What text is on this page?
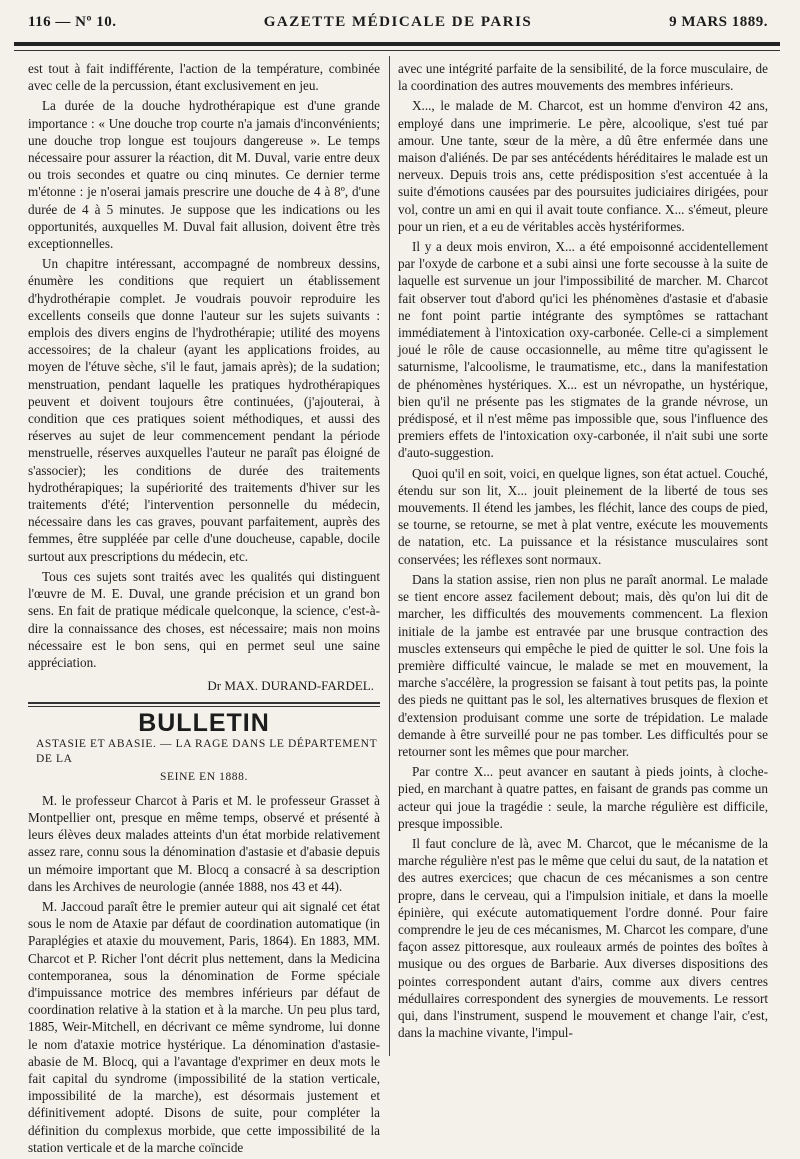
116 — Nº 10.	GAZETTE MÉDICALE DE PARIS	9 MARS 1889.

est tout à fait indifférente, l'action de la température, combinée avec celle de la percussion, étant exclusivement en jeu.

La durée de la douche hydrothérapique est d'une grande importance : « Une douche trop courte n'a jamais d'inconvénients; une douche trop longue est toujours dangereuse ». Le temps nécessaire pour assurer la réaction, dit M. Duval, varie entre deux ou trois secondes et quatre ou cinq minutes. Ce dernier terme m'étonne : je n'oserai jamais prescrire une douche de 4 à 8º, d'une durée de 4 à 5 minutes. Je suppose que les indications ou les opportunités, auxquelles M. Duval fait allusion, doivent être très exceptionnelles.

Un chapitre intéressant, accompagné de nombreux dessins, énumère les conditions que requiert un établissement d'hydrothérapie complet. Je voudrais pouvoir reproduire les excellents conseils que donne l'auteur sur les sujets suivants : emplois des divers engins de l'hydrothérapie; utilité des moyens accessoires; de la chaleur (ayant les applications froides, au moyen de l'étuve sèche, s'il le faut, jamais après); de la sudation; menstruation, pendant laquelle les pratiques hydrothérapiques peuvent et doivent toujours être continuées, (j'ajouterai, à condition que ces pratiques soient méthodiques, et aussi des réserves au sujet de leur commencement pendant la période menstruelle, réserves auxquelles l'auteur ne paraît pas éloigné de s'associer); les conditions de durée des traitements hydrothérapiques; la supériorité des traitements d'hiver sur les traitements d'été; l'intervention personnelle du médecin, nécessaire dans les cas graves, pouvant parfaitement, auprès des femmes, être suppléée par celle d'une doucheuse, capable, docile surtout aux prescriptions du médecin, etc.

Tous ces sujets sont traités avec les qualités qui distinguent l'œuvre de M. E. Duval, une grande précision et un grand bon sens. En fait de pratique médicale quelconque, la science, c'est-à-dire la connaissance des choses, est nécessaire; mais non moins nécessaire est le bon sens, qui en permet seul une saine appréciation.

Dr MAX. DURAND-FARDEL.
BULLETIN
ASTASIE ET ABASIE. — LA RAGE DANS LE DÉPARTEMENT DE LA
SEINE EN 1888.

M. le professeur Charcot à Paris et M. le professeur Grasset à Montpellier ont, presque en même temps, observé et présenté à leurs élèves deux malades atteints d'un état morbide relativement assez rare, connu sous la dénomination d'astasie et d'abasie depuis un mémoire important que M. Blocq a consacré à sa description dans les Archives de neurologie (année 1888, nos 43 et 44).

M. Jaccoud paraît être le premier auteur qui ait signalé cet état sous le nom de Ataxie par défaut de coordination automatique (in Paraplégies et ataxie du mouvement, Paris, 1864). En 1883, MM. Charcot et P. Richer l'ont décrit plus nettement, dans la Medicina contemporanea, sous la dénomination de Forme spéciale d'impuissance motrice des membres inférieurs par défaut de coordination relative à la station et à la marche. Un peu plus tard, 1885, Weir-Mitchell, en décrivant ce même syndrome, lui donne le nom d'ataxie motrice hystérique. La dénomination d'astasie-abasie de M. Blocq, qui a l'avantage d'exprimer en deux mots le fait capital du syndrome (impossibilité de la station verticale, impossibilité de la marche), est désormais justement et définitivement adopté. Disons de suite, pour compléter la définition du complexus morbide, que cette impossibilité de la station verticale et de la marche coïncide

avec une intégrité parfaite de la sensibilité, de la force musculaire, de la coordination des autres mouvements des membres inférieurs.

X..., le malade de M. Charcot, est un homme d'environ 42 ans, employé dans une imprimerie. Le père, alcoolique, s'est tué par amour. Une tante, sœur de la mère, a dû être enfermée dans une maison d'aliénés. De par ses antécédents héréditaires le malade est un nerveux. Depuis trois ans, cette prédisposition s'est accentuée à la suite d'émotions causées par des poursuites judiciaires dirigées, pour vol, contre un ami en qui il avait toute confiance. X... s'émeut, pleure pour un rien, et a eu de véritables accès hystériformes.

Il y a deux mois environ, X... a été empoisonné accidentellement par l'oxyde de carbone et a subi ainsi une forte secousse à la suite de laquelle est survenue un jour l'impossibilité de marcher. M. Charcot fait observer tout d'abord qu'ici les phénomènes d'astasie et d'abasie ne font point partie intégrante des symptômes se rattachant immédiatement à l'intoxication oxy-carbonée. Celle-ci a simplement joué le rôle de cause occasionnelle, au même titre qu'agissent le saturnisme, l'alcoolisme, le traumatisme, etc., dans la manifestation de phénomènes hystériques. X... est un névropathe, un hystérique, bien qu'il ne présente pas les stigmates de la grande névrose, un prédisposé, et il n'est même pas impossible que, sous l'influence des premiers effets de l'intoxication oxy-carbonée, il n'ait subi une sorte d'auto-suggestion.

Quoi qu'il en soit, voici, en quelque lignes, son état actuel. Couché, étendu sur son lit, X... jouit pleinement de la liberté de tous ses mouvements. Il étend les jambes, les fléchit, lance des coups de pied, se tourne, se retourne, se met à plat ventre, exécute les mouvements de natation, etc. La puissance et la résistance musculaires sont conservées; les réflexes sont normaux.

Dans la station assise, rien non plus ne paraît anormal. Le malade se tient encore assez facilement debout; mais, dès qu'on lui dit de marcher, les difficultés des mouvements commencent. La flexion initiale de la jambe est entravée par une brusque contraction des muscles extenseurs qui empêche le pied de quitter le sol. Une fois la première difficulté vaincue, le malade se met en mouvement, la marche s'accélère, la progression se faisant à tout petits pas, la pointe des pieds ne quittant pas le sol, les alternatives brusques de flexion et d'extension produisant comme une sorte de trépidation. Le malade demande à être surveillé pour ne pas tomber. Les difficultés pour se retourner sont les mêmes que pour marcher.

Par contre X... peut avancer en sautant à pieds joints, à cloche-pied, en marchant à quatre pattes, en faisant de grands pas comme un acteur qui joue la tragédie : seule, la marche régulière est difficile, presque impossible.

Il faut conclure de là, avec M. Charcot, que le mécanisme de la marche régulière n'est pas le même que celui du saut, de la natation et des autres exercices; que chacun de ces mécanismes a son centre propre, dans le cerveau, qui a l'impulsion initiale, et dans la moelle épinière, qui exécute automatiquement l'ordre donné. Pour faire comprendre le jeu de ces mécanismes, M. Charcot les compare, d'une façon assez pittoresque, aux rouleaux armés de pointes des boîtes à musique ou des orgues de Barbarie. Aux diverses dispositions des pointes correspondent autant d'airs, comme aux divers centres médullaires correspondent des synergies de mouvements. Le ressort qui, dans l'instrument, suspend le mouvement et change l'air, c'est, dans la machine vivante, l'impul-
